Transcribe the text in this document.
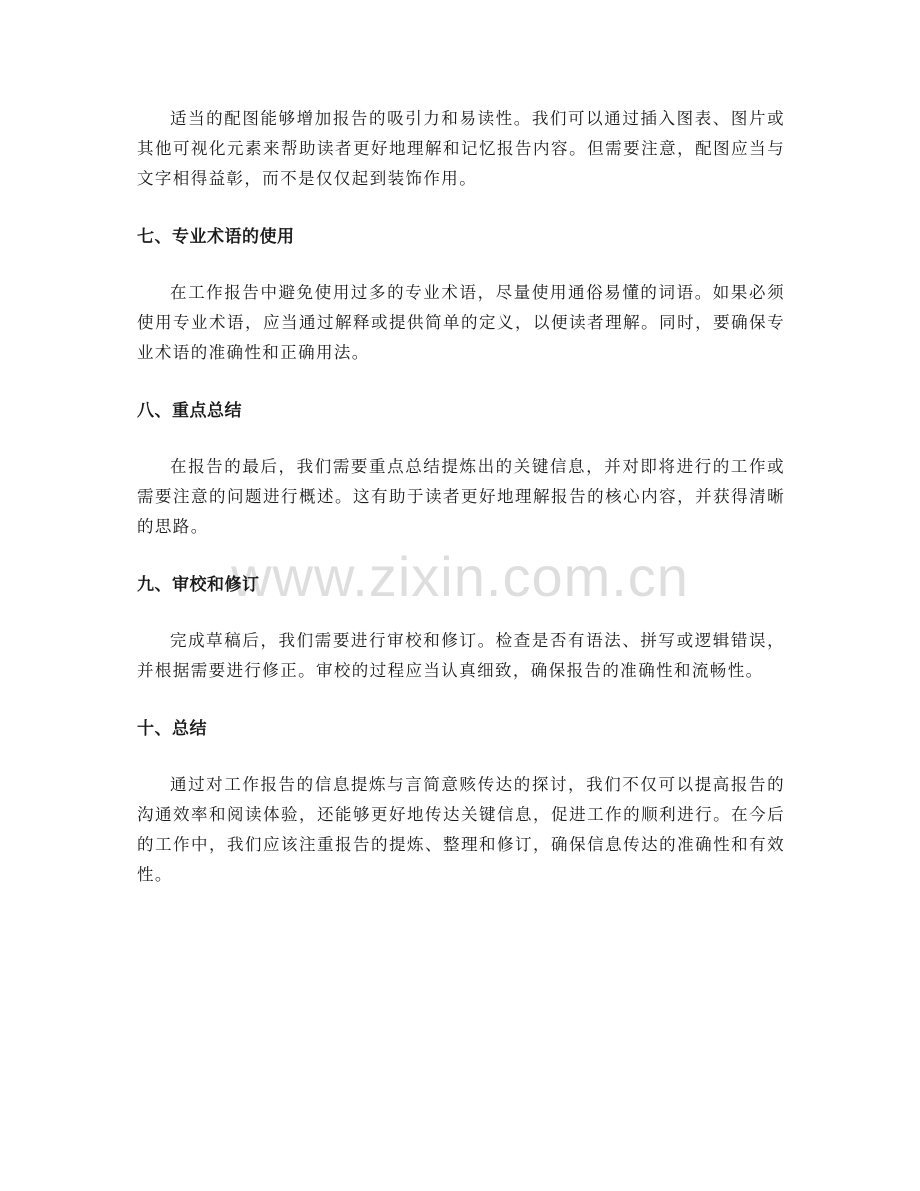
适当的配图能够增加报告的吸引力和易读性。我们可以通过插入图表、图片或其他可视化元素来帮助读者更好地理解和记忆报告内容。但需要注意，配图应当与文字相得益彰，而不是仅仅起到装饰作用。

七、专业术语的使用

在工作报告中避免使用过多的专业术语，尽量使用通俗易懂的词语。如果必须使用专业术语，应当通过解释或提供简单的定义，以便读者理解。同时，要确保专业术语的准确性和正确用法。

八、重点总结

在报告的最后，我们需要重点总结提炼出的关键信息，并对即将进行的工作或需要注意的问题进行概述。这有助于读者更好地理解报告的核心内容，并获得清晰的思路。

九、审校和修订

完成草稿后，我们需要进行审校和修订。检查是否有语法、拼写或逻辑错误，并根据需要进行修正。审校的过程应当认真细致，确保报告的准确性和流畅性。

十、总结

通过对工作报告的信息提炼与言简意赅传达的探讨，我们不仅可以提高报告的沟通效率和阅读体验，还能够更好地传达关键信息，促进工作的顺利进行。在今后的工作中，我们应该注重报告的提炼、整理和修订，确保信息传达的准确性和有效性。

www.zixin.com.cn
